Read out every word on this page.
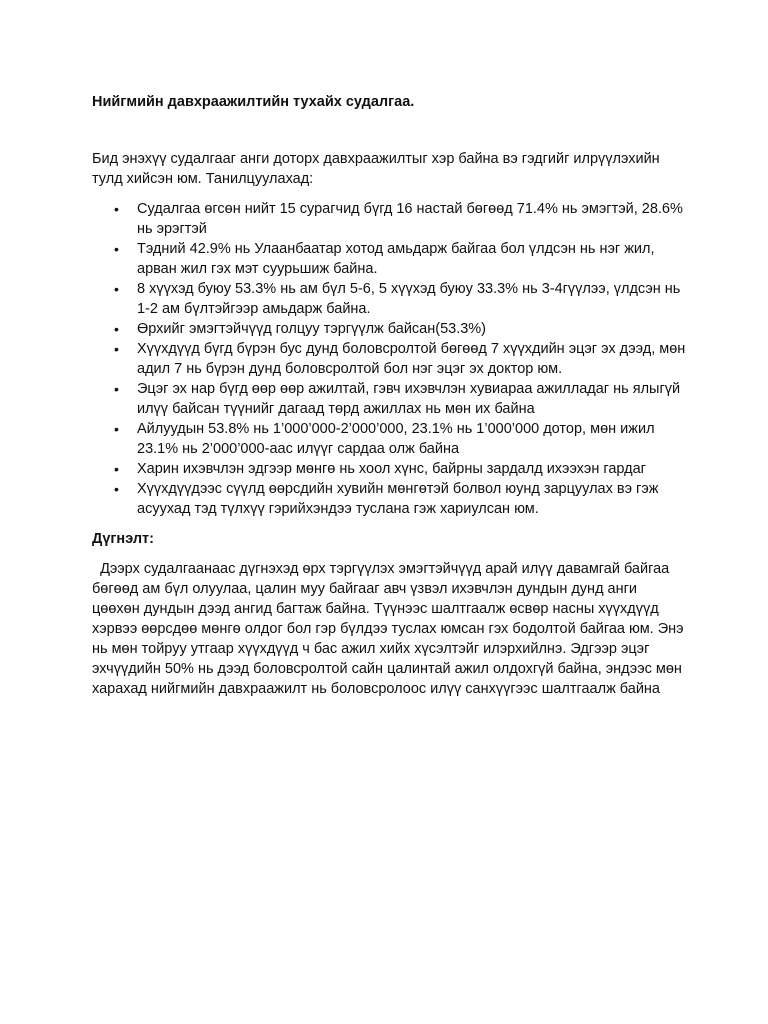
Нийгмийн давхраажилтийн тухайх судалгаа.

Бид энэхүү судалгааг анги доторх давхраажилтыг хэр байна вэ гэдгийг илрүүлэхийн тулд хийсэн юм. Танилцуулахад:

• Судалгаа өгсөн нийт 15 сурагчид бүгд 16 настай бөгөөд 71.4% нь эмэгтэй, 28.6% нь эрэгтэй
• Тэдний 42.9% нь Улаанбаатар хотод амьдарж байгаа бол үлдсэн нь нэг жил, арван жил гэх мэт суурьшиж байна.
• 8 хүүхэд буюу 53.3% нь ам бүл 5-6, 5 хүүхэд буюу 33.3% нь 3-4гүүлээ, үлдсэн нь 1-2 ам бүлтэйгээр амьдарж байна.
• Өрхийг эмэгтэйчүүд голцуу тэргүүлж байсан(53.3%)
• Хүүхдүүд бүгд бүрэн бус дунд боловсролтой бөгөөд 7 хүүхдийн эцэг эх дээд, мөн адил 7 нь бүрэн дунд боловсролтой бол нэг эцэг эх доктор юм.
• Эцэг эх нар бүгд өөр өөр ажилтай, гэвч ихэвчлэн хувиараа ажилладаг нь ялыгүй илүү байсан түүнийг дагаад төрд ажиллах нь мөн их байна
• Айлуудын 53.8% нь 1’000’000-2’000’000, 23.1% нь 1’000’000 дотор, мөн ижил 23.1% нь 2’000’000-аас илүүг сардаа олж байна
• Харин ихэвчлэн эдгээр мөнгө нь хоол хүнс, байрны зардалд ихээхэн гардаг
• Хүүхдүүдээс сүүлд өөрсдийн хувийн мөнгөтэй болвол юунд зарцуулах вэ гэж асуухад тэд түлхүү гэрийхэндээ туслана гэж хариулсан юм.

Дүгнэлт:

Дээрх судалгаанаас дүгнэхэд өрх тэргүүлэх эмэгтэйчүүд арай илүү давамгай байгаа бөгөөд ам бүл олуулаа, цалин муу байгааг авч үзвэл ихэвчлэн дундын дунд анги цөөхөн дундын дээд ангид багтаж байна. Түүнээс шалтгаалж өсвөр насны хүүхдүүд хэрвээ өөрсдөө мөнгө олдог бол гэр бүлдээ туслах юмсан гэх бодолтой байгаа юм. Энэ нь мөн тойруу утгаар хүүхдүүд ч бас ажил хийх хүсэлтэйг илэрхийлнэ. Эдгээр эцэг эхчүүдийн 50% нь дээд боловсролтой сайн цалинтай ажил олдохгүй байна, эндээс мөн харахад нийгмийн давхраажилт нь боловсролоос илүү санхүүгээс шалтгаалж байна
